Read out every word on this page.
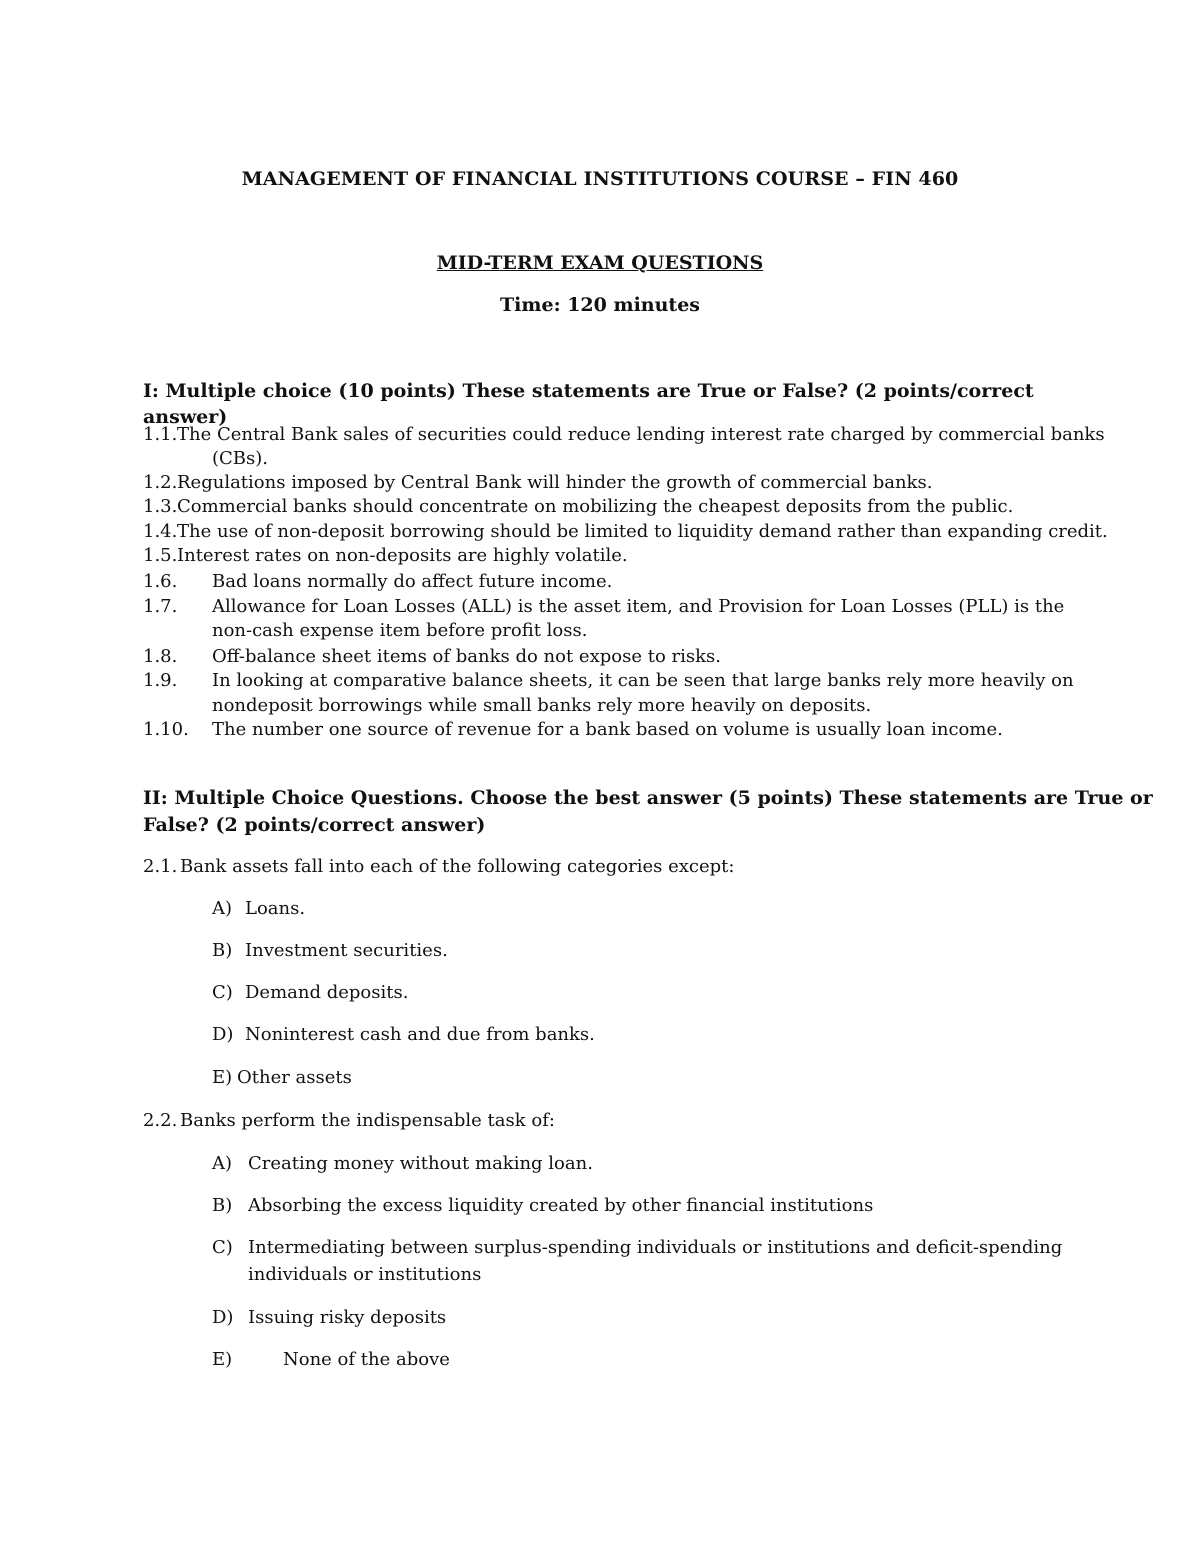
MANAGEMENT OF FINANCIAL INSTITUTIONS COURSE – FIN 460
MID-TERM EXAM QUESTIONS
Time: 120 minutes
I: Multiple choice (10 points) These statements are True or False? (2 points/correct answer)
1.1. The Central Bank sales of securities could reduce lending interest rate charged by commercial banks
(CBs).
1.2. Regulations imposed by Central Bank will hinder the growth of commercial banks.
1.3. Commercial banks should concentrate on mobilizing the cheapest deposits from the public.
1.4. The use of non-deposit borrowing should be limited to liquidity demand rather than expanding credit.
1.5. Interest rates on non-deposits are highly volatile.
1.6. Bad loans normally do affect future income.
1.7. Allowance for Loan Losses (ALL) is the asset item, and Provision for Loan Losses (PLL) is the
non-cash expense item before profit loss.
1.8. Off-balance sheet items of banks do not expose to risks.
1.9. In looking at comparative balance sheets, it can be seen that large banks rely more heavily on
nondeposit borrowings while small banks rely more heavily on deposits.
1.10. The number one source of revenue for a bank based on volume is usually loan income.
II: Multiple Choice Questions. Choose the best answer (5 points) These statements are True or
False? (2 points/correct answer)
2.1. Bank assets fall into each of the following categories except:
A) Loans.
B) Investment securities.
C) Demand deposits.
D) Noninterest cash and due from banks.
E) Other assets
2.2. Banks perform the indispensable task of:
A) Creating money without making loan.
B) Absorbing the excess liquidity created by other financial institutions
C) Intermediating between surplus-spending individuals or institutions and deficit-spending
individuals or institutions
D) Issuing risky deposits
E)	None of the above
